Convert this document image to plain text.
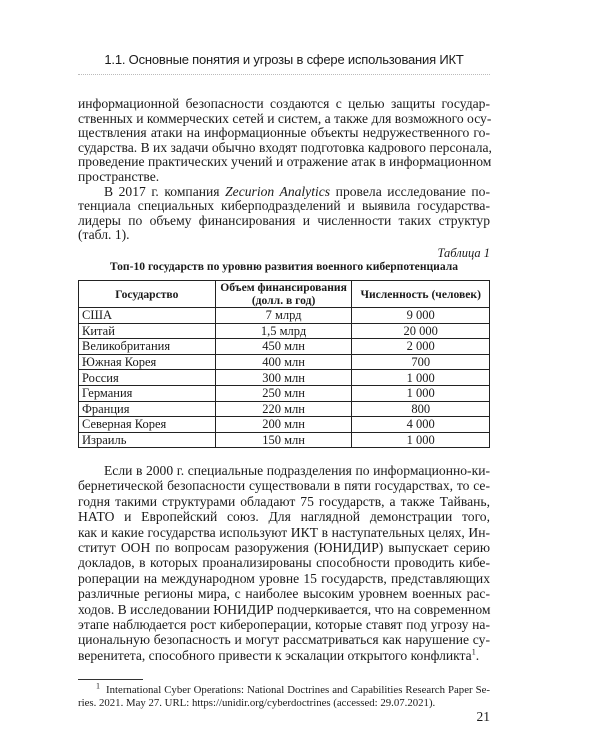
1.1. Основные понятия и угрозы в сфере использования ИКТ
информационной безопасности создаются с целью защиты государ-
ственных и коммерческих сетей и систем, а также для возможного осу-
ществления атаки на информационные объекты недружественного го-
сударства. В их задачи обычно входят подготовка кадрового персонала,
проведение практических учений и отражение атак в информационном
пространстве.
В 2017 г. компания Zecurion Analytics провела исследование по-
тенциала специальных киберподразделений и выявила государства-
лидеры по объему финансирования и численности таких структур
(табл. 1).
Таблица 1
Топ-10 государств по уровню развития военного киберпотенциала
Государство	Объем финансирования (долл. в год)	Численность (человек)
США	7 млрд	9 000
Китай	1,5 млрд	20 000
Великобритания	450 млн	2 000
Южная Корея	400 млн	700
Россия	300 млн	1 000
Германия	250 млн	1 000
Франция	220 млн	800
Северная Корея	200 млн	4 000
Израиль	150 млн	1 000
Если в 2000 г. специальные подразделения по информационно-ки-
бернетической безопасности существовали в пяти государствах, то се-
годня такими структурами обладают 75 государств, а также Тайвань,
НАТО и Европейский союз. Для наглядной демонстрации того,
как и какие государства используют ИКТ в наступательных целях, Ин-
ститут ООН по вопросам разоружения (ЮНИДИР) выпускает серию
докладов, в которых проанализированы способности проводить кибе-
роперации на международном уровне 15 государств, представляющих
различные регионы мира, с наиболее высоким уровнем военных рас-
ходов. В исследовании ЮНИДИР подчеркивается, что на современном
этапе наблюдается рост кибероперации, которые ставят под угрозу на-
циональную безопасность и могут рассматриваться как нарушение су-
веренитета, способного привести к эскалации открытого конфликта$^1$.
$^1$ International Cyber Operations: National Doctrines and Capabilities Research Paper Se-
ries. 2021. May 27. URL: https://unidir.org/cyberdoctrines (accessed: 29.07.2021).
21
